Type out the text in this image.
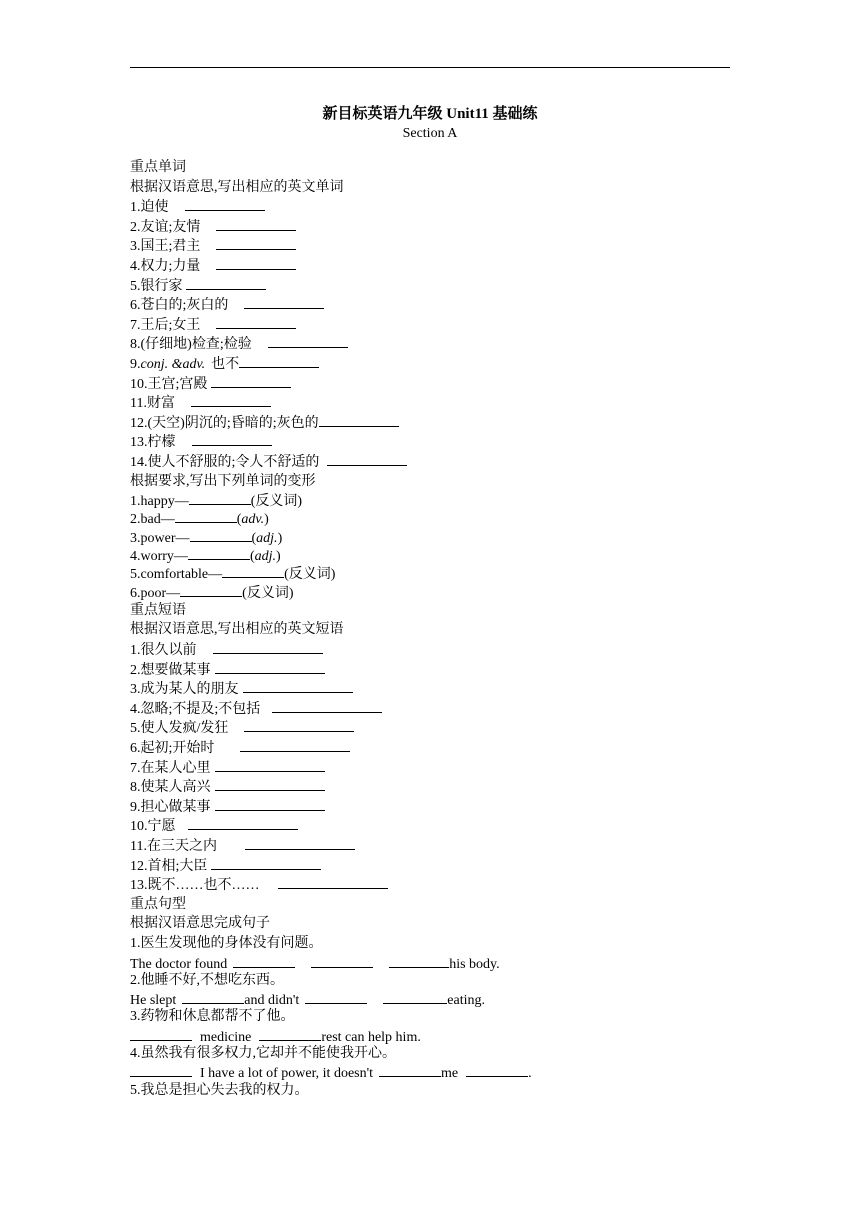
新目标英语九年级 Unit11 基础练
Section A
重点单词
根据汉语意思,写出相应的英文单词
1.迫使
2.友谊;友情
3.国王;君主
4.权力;力量
5.银行家
6.苍白的;灰白的
7.王后;女王
8.(仔细地)检查;检验
9.conj. &adv. 也不
10.王宫;宫殿
11.财富
12.(天空)阴沉的;昏暗的;灰色的
13.柠檬
14.使人不舒服的;令人不舒适的
根据要求,写出下列单词的变形
1.happy—	(反义词)
2.bad—	(adv.)
3.power—	(adj.)
4.worry—	(adj.)
5.comfortable—	(反义词)
6.poor—	(反义词)
重点短语
根据汉语意思,写出相应的英文短语
1.很久以前
2.想要做某事
3.成为某人的朋友
4.忽略;不提及;不包括
5.使人发疯/发狂
6.起初;开始时
7.在某人心里
8.使某人高兴
9.担心做某事
10.宁愿
11.在三天之内
12.首相;大臣
13.既不……也不……
重点句型
根据汉语意思完成句子
1.医生发现他的身体没有问题。
The doctor found	his body.
2.他睡不好,不想吃东西。
He slept	and didn't	eating.
3.药物和休息都帮不了他。
medicine	rest can help him.
4.虽然我有很多权力,它却并不能使我开心。
I have a lot of power, it doesn't	me	.
5.我总是担心失去我的权力。
